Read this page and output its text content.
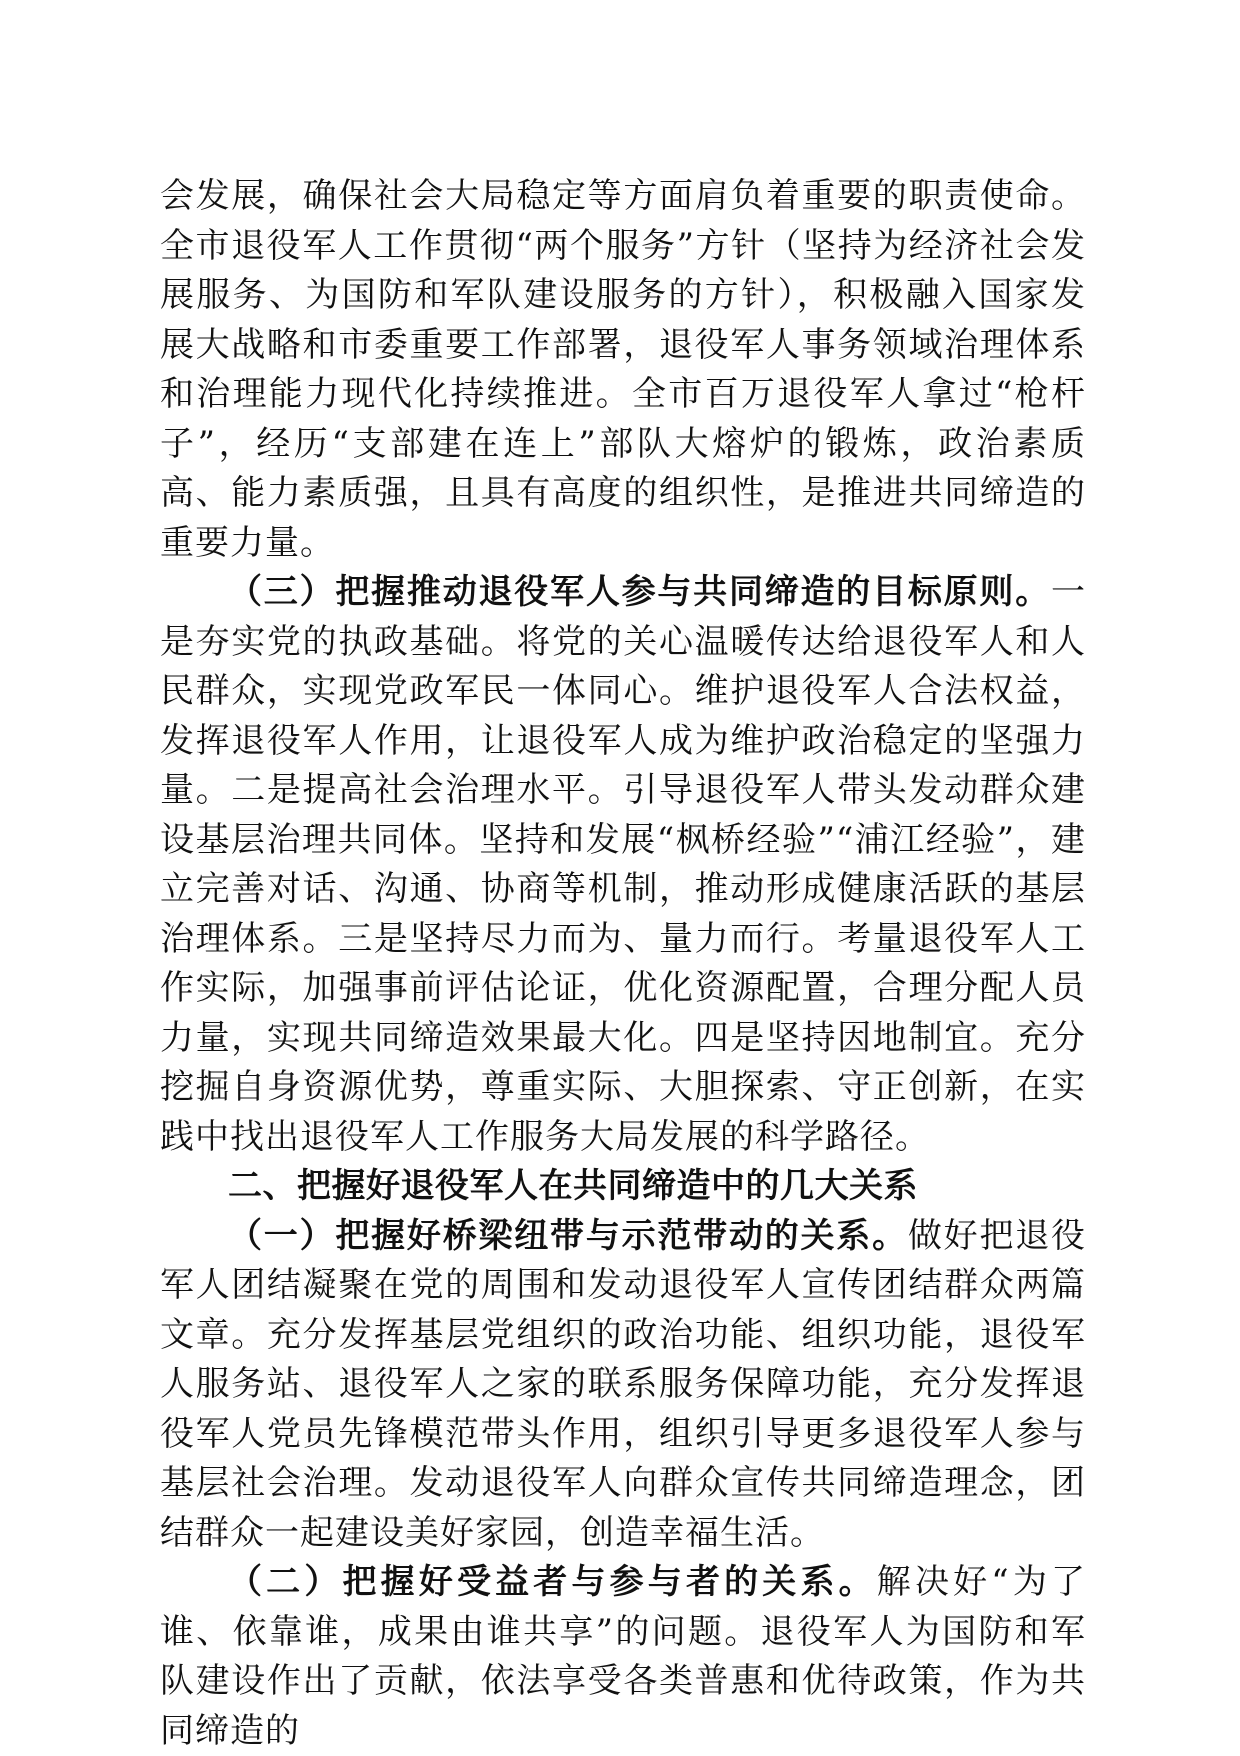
会发展，确保社会大局稳定等方面肩负着重要的职责使命。全市退役军人工作贯彻“两个服务”方针（坚持为经济社会发展服务、为国防和军队建设服务的方针），积极融入国家发展大战略和市委重要工作部署，退役军人事务领域治理体系和治理能力现代化持续推进。全市百万退役军人拿过“枪杆子”，经历“支部建在连上”部队大熔炉的锻炼，政治素质高、能力素质强，且具有高度的组织性，是推进共同缔造的重要力量。

（三）把握推动退役军人参与共同缔造的目标原则。一是夯实党的执政基础。将党的关心温暖传达给退役军人和人民群众，实现党政军民一体同心。维护退役军人合法权益，发挥退役军人作用，让退役军人成为维护政治稳定的坚强力量。二是提高社会治理水平。引导退役军人带头发动群众建设基层治理共同体。坚持和发展“枫桥经验”“浦江经验”，建立完善对话、沟通、协商等机制，推动形成健康活跃的基层治理体系。三是坚持尽力而为、量力而行。考量退役军人工作实际，加强事前评估论证，优化资源配置，合理分配人员力量，实现共同缔造效果最大化。四是坚持因地制宜。充分挖掘自身资源优势，尊重实际、大胆探索、守正创新，在实践中找出退役军人工作服务大局发展的科学路径。

二、把握好退役军人在共同缔造中的几大关系

（一）把握好桥梁纽带与示范带动的关系。做好把退役军人团结凝聚在党的周围和发动退役军人宣传团结群众两篇文章。充分发挥基层党组织的政治功能、组织功能，退役军人服务站、退役军人之家的联系服务保障功能，充分发挥退役军人党员先锋模范带头作用，组织引导更多退役军人参与基层社会治理。发动退役军人向群众宣传共同缔造理念，团结群众一起建设美好家园，创造幸福生活。

（二）把握好受益者与参与者的关系。解决好“为了谁、依靠谁，成果由谁共享”的问题。退役军人为国防和军队建设作出了贡献，依法享受各类普惠和优待政策，作为共同缔造的
